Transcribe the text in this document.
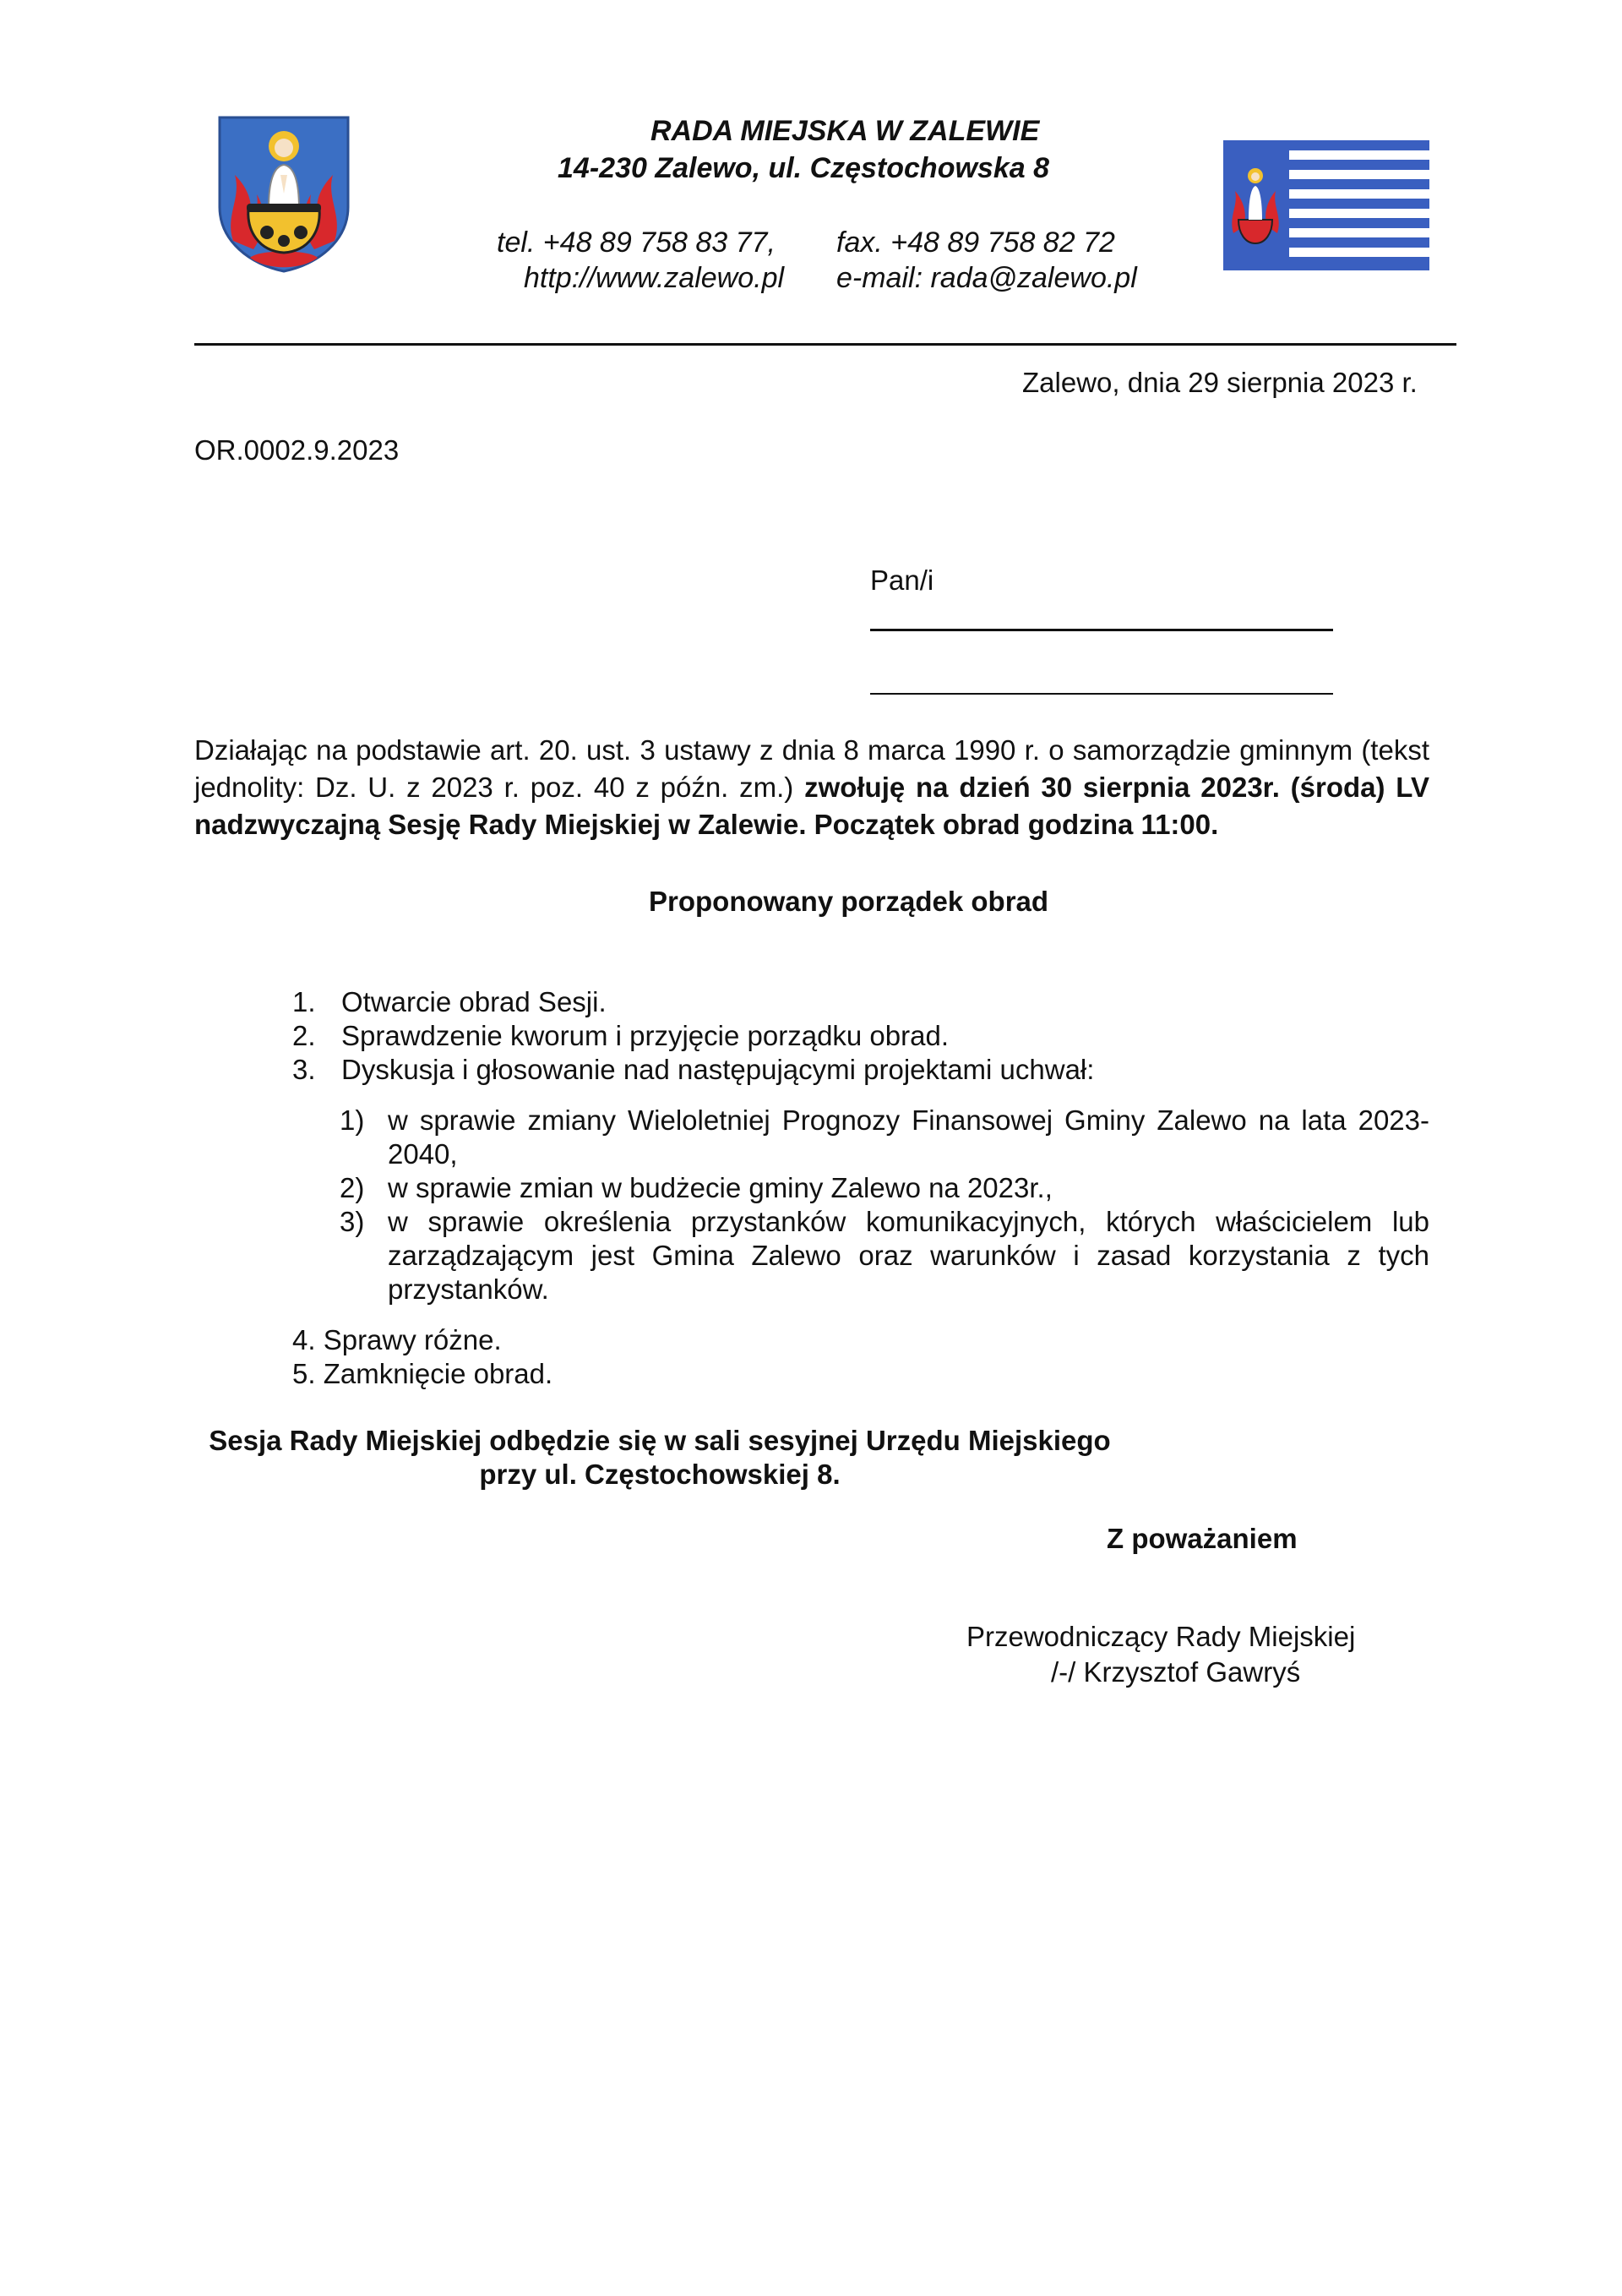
RADA MIEJSKA W ZALEWIE
14-230 Zalewo, ul. Częstochowska 8
tel. +48 89 758 83 77, fax. +48 89 758 82 72
http://www.zalewo.pl e-mail: rada@zalewo.pl
Zalewo, dnia 29 sierpnia 2023 r.
OR.0002.9.2023
Pan/i
Działając na podstawie art. 20. ust. 3 ustawy z dnia 8 marca 1990 r. o samorządzie gminnym (tekst jednolity: Dz. U. z 2023 r. poz. 40 z późn. zm.) zwołuję na dzień 30 sierpnia 2023r. (środa) LV nadzwyczajną Sesję Rady Miejskiej w Zalewie. Początek obrad godzina 11:00.
Proponowany porządek obrad
1. Otwarcie obrad Sesji.
2. Sprawdzenie kworum i przyjęcie porządku obrad.
3. Dyskusja i głosowanie nad następującymi projektami uchwał:
1) w sprawie zmiany Wieloletniej Prognozy Finansowej Gminy Zalewo na lata 2023- 2040,
2) w sprawie zmian w budżecie gminy Zalewo na 2023r.,
3) w sprawie określenia przystanków komunikacyjnych, których właścicielem lub zarządzającym jest Gmina Zalewo oraz warunków i zasad korzystania z tych przystanków.
4. Sprawy różne.
5. Zamknięcie obrad.
Sesja Rady Miejskiej odbędzie się w sali sesyjnej Urzędu Miejskiego
przy ul. Częstochowskiej 8.
Z poważaniem
Przewodniczący Rady Miejskiej
/-/ Krzysztof Gawryś
